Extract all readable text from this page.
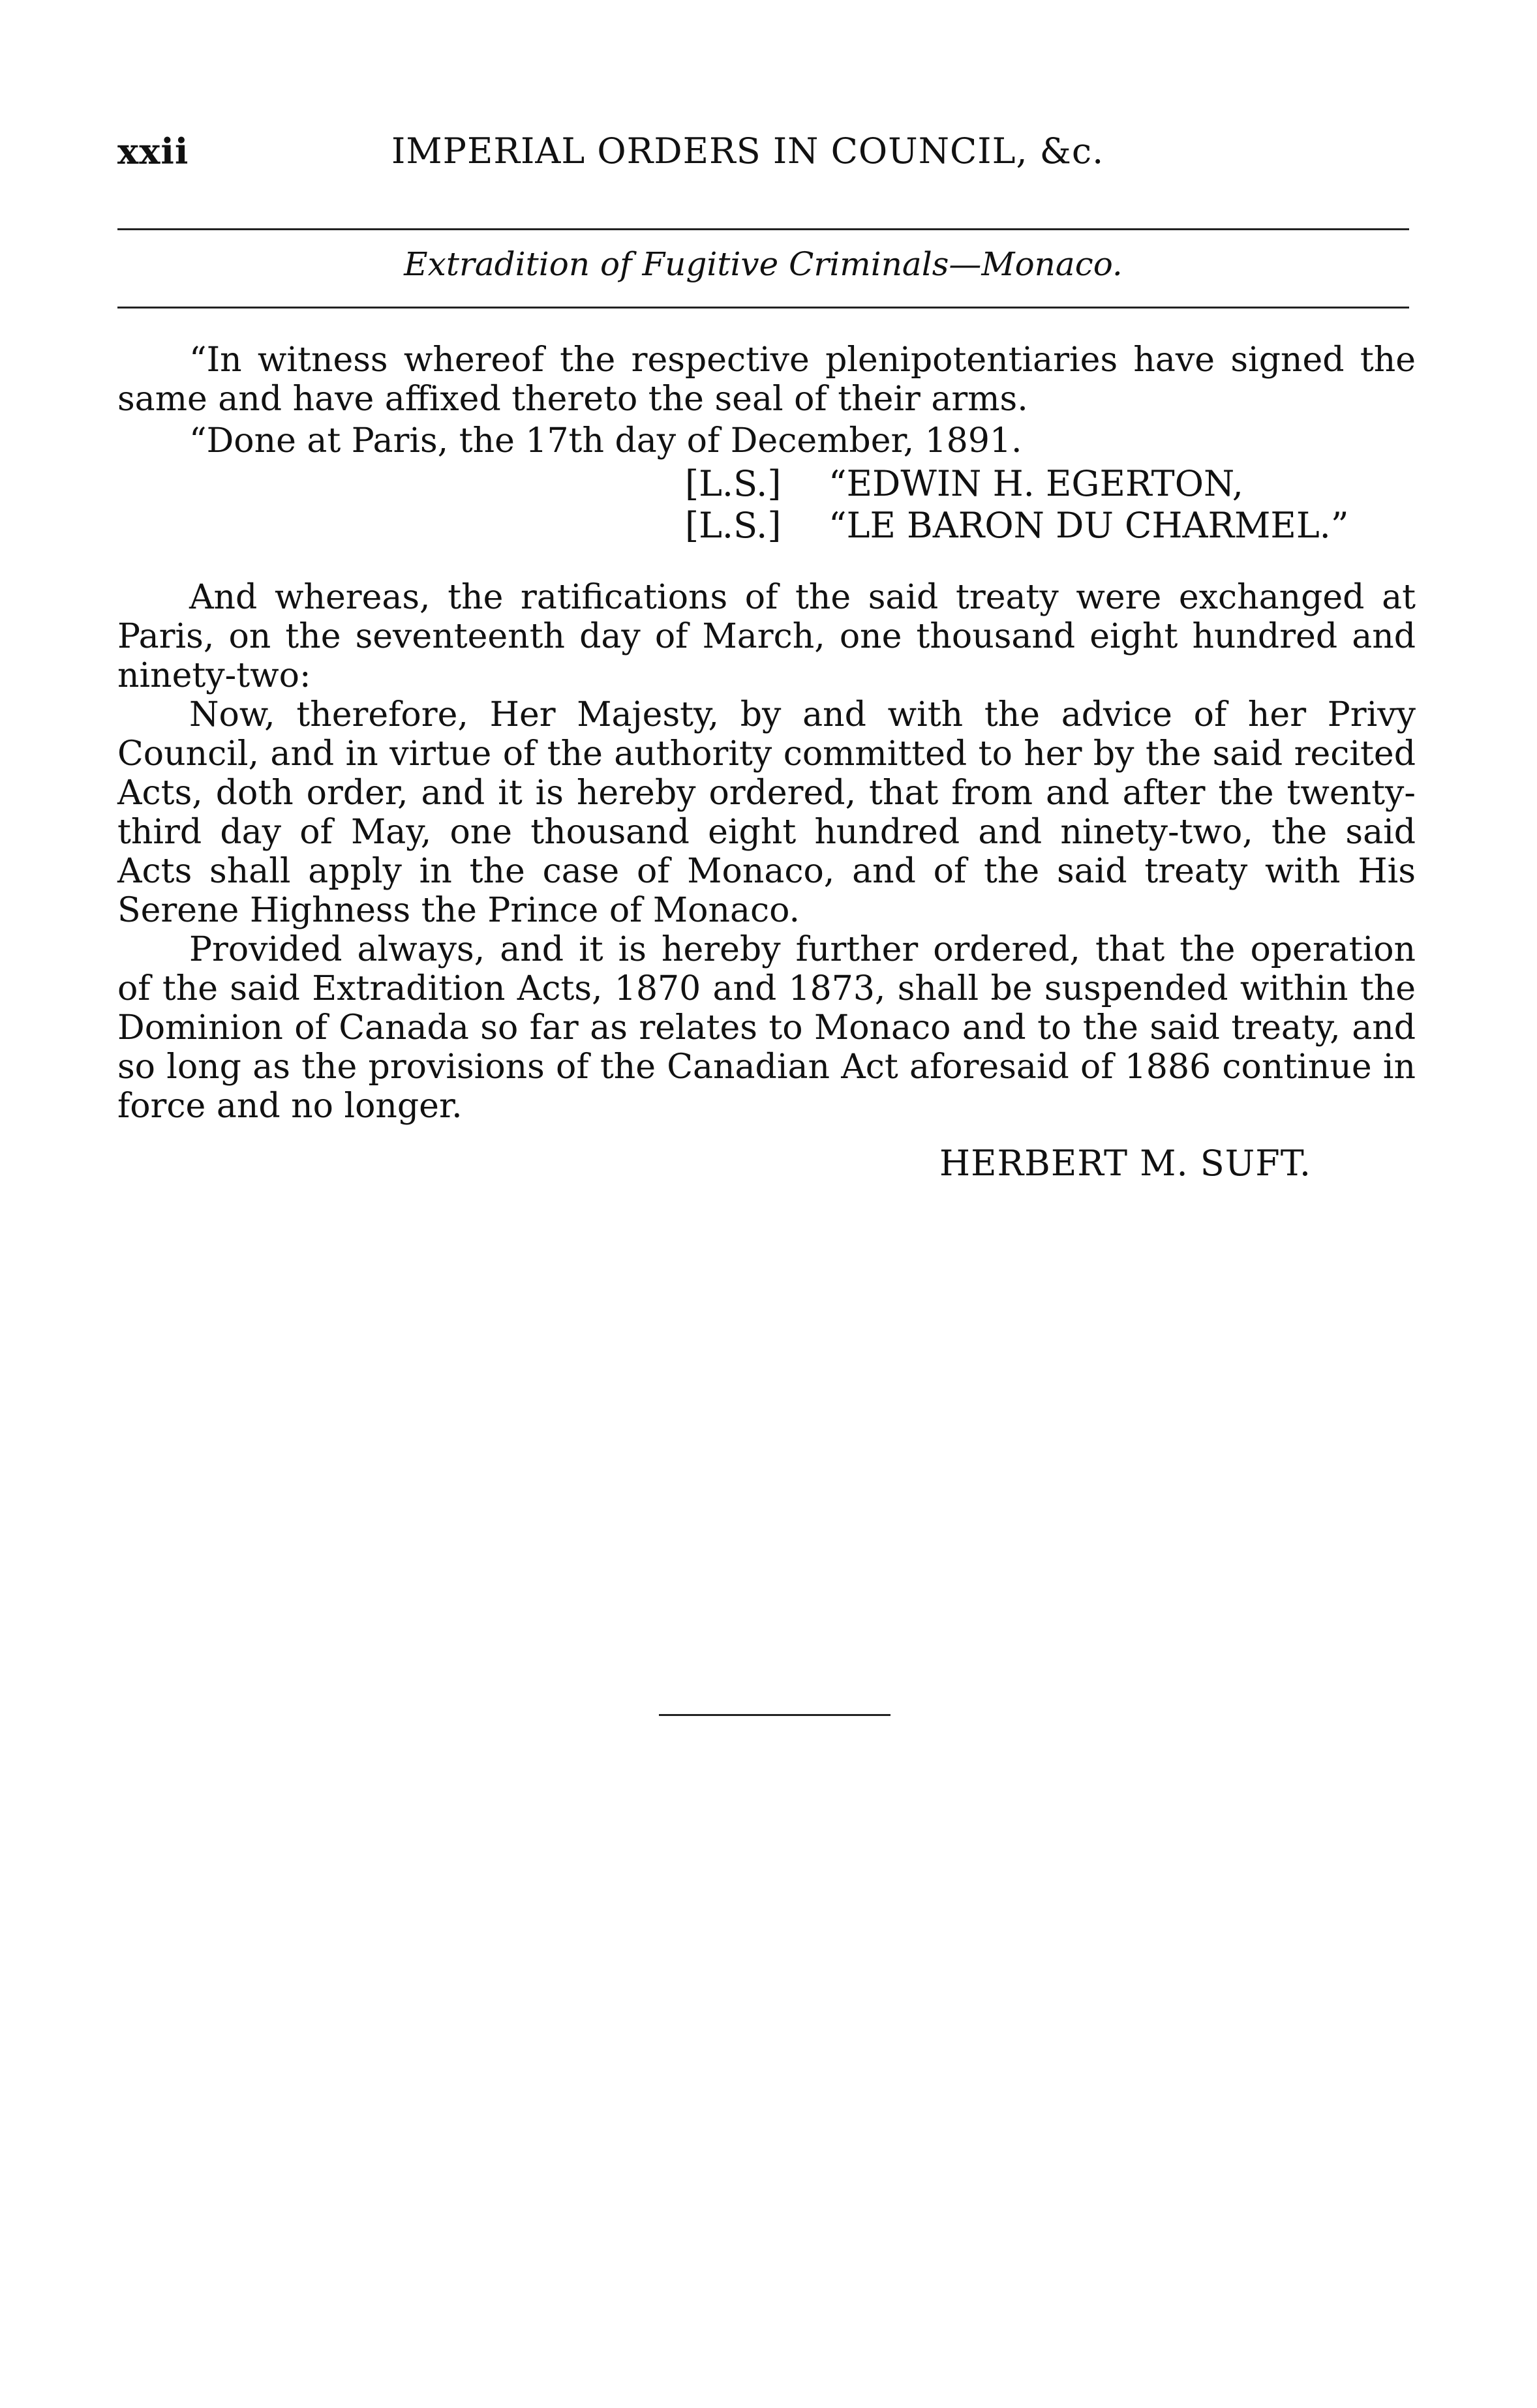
xxii	IMPERIAL ORDERS IN COUNCIL, &c.
Extradition of Fugitive Criminals—Monaco.
“In witness whereof the respective plenipotentiaries have signed the same and have affixed thereto the seal of their arms.
“Done at Paris, the 17th day of December, 1891.
[L.S.]	“EDWIN H. EGERTON,
[L.S.]	“LE BARON DU CHARMEL.”
And whereas, the ratifications of the said treaty were exchanged at Paris, on the seventeenth day of March, one thousand eight hundred and ninety-two:
Now, therefore, Her Majesty, by and with the advice of her Privy Council, and in virtue of the authority committed to her by the said recited Acts, doth order, and it is hereby ordered, that from and after the twenty-third day of May, one thousand eight hundred and ninety-two, the said Acts shall apply in the case of Monaco, and of the said treaty with His Serene Highness the Prince of Monaco.
Provided always, and it is hereby further ordered, that the operation of the said Extradition Acts, 1870 and 1873, shall be suspended within the Dominion of Canada so far as relates to Monaco and to the said treaty, and so long as the provisions of the Canadian Act aforesaid of 1886 continue in force and no longer.
HERBERT M. SUFT.
